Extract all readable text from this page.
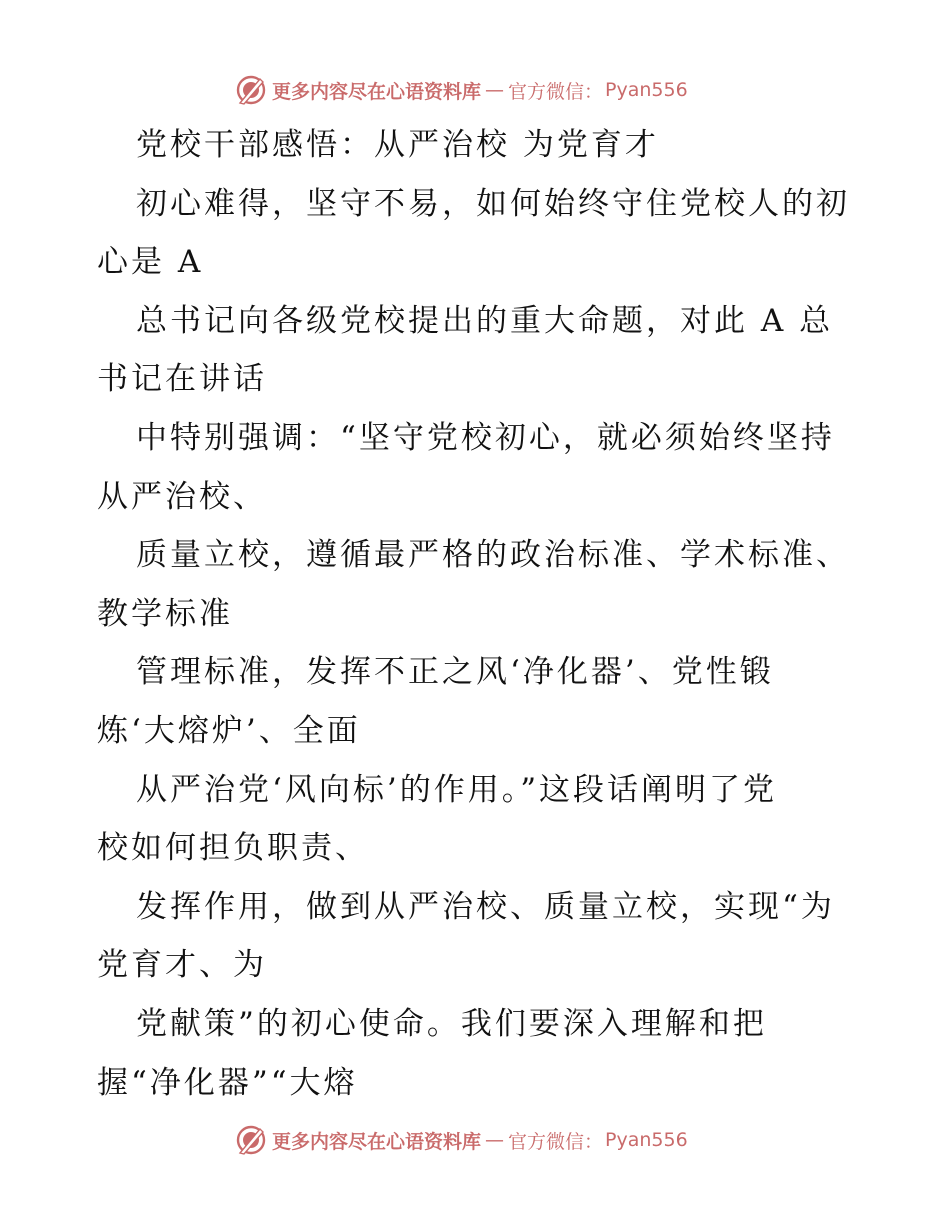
更多内容尽在心语资料库 — 官方微信： Pyan556
党校干部感悟：从严治校 为党育才
初心难得，坚守不易，如何始终守住党校人的初
心是 A
总书记向各级党校提出的重大命题，对此 A 总
书记在讲话
中特别强调：“坚守党校初心，就必须始终坚持
从严治校、
质量立校，遵循最严格的政治标准、学术标准、
教学标准
管理标准，发挥不正之风‘净化器’、党性锻
炼‘大熔炉’、全面
从严治党‘风向标’的作用。”这段话阐明了党
校如何担负职责、
发挥作用，做到从严治校、质量立校，实现“为
党育才、为
党献策”的初心使命。我们要深入理解和把
握“净化器”“大熔
更多内容尽在心语资料库 — 官方微信： Pyan556
